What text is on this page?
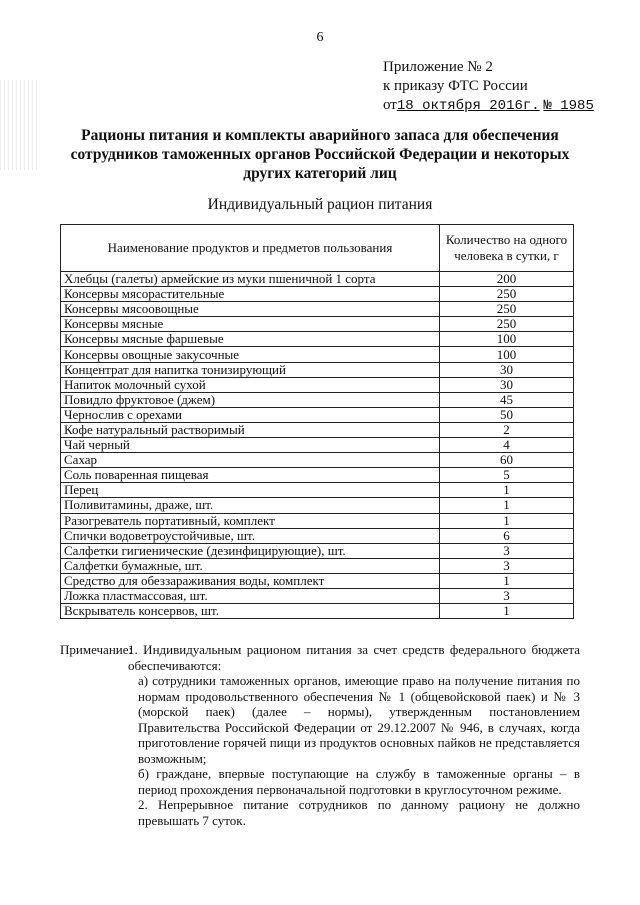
6
Приложение № 2
к приказу ФТС России
от18 октября 2016г. № 1985
Рационы питания и комплекты аварийного запаса для обеспечения сотрудников таможенных органов Российской Федерации и некоторых других категорий лиц
Индивидуальный рацион питания
Наименование продуктов и предметов пользования	Количество на одного человека в сутки, г
Хлебцы (галеты) армейские из муки пшеничной 1 сорта	200
Консервы мясорастительные	250
Консервы мясоовощные	250
Консервы мясные	250
Консервы мясные фаршевые	100
Консервы овощные закусочные	100
Концентрат для напитка тонизирующий	30
Напиток молочный сухой	30
Повидло фруктовое (джем)	45
Чернослив с орехами	50
Кофе натуральный растворимый	2
Чай черный	4
Сахар	60
Соль поваренная пищевая	5
Перец	1
Поливитамины, драже, шт.	1
Разогреватель портативный, комплект	1
Спички водоветроустойчивые, шт.	6
Салфетки гигиенические (дезинфицирующие), шт.	3
Салфетки бумажные, шт.	3
Средство для обеззараживания воды, комплект	1
Ложка пластмассовая, шт.	3
Вскрыватель консервов, шт.	1
Примечание:

1. Индивидуальным рационом питания за счет средств федерального бюджета обеспечиваются:

а) сотрудники таможенных органов, имеющие право на получение питания по нормам продовольственного обеспечения № 1 (общевойсковой паек) и № 3 (морской паек) (далее – нормы), утвержденным постановлением Правительства Российской Федерации от 29.12.2007 № 946, в случаях, когда приготовление горячей пищи из продуктов основных пайков не представляется возможным;

б) граждане, впервые поступающие на службу в таможенные органы – в период прохождения первоначальной подготовки в круглосуточном режиме.

2. Непрерывное питание сотрудников по данному рациону не должно превышать 7 суток.
